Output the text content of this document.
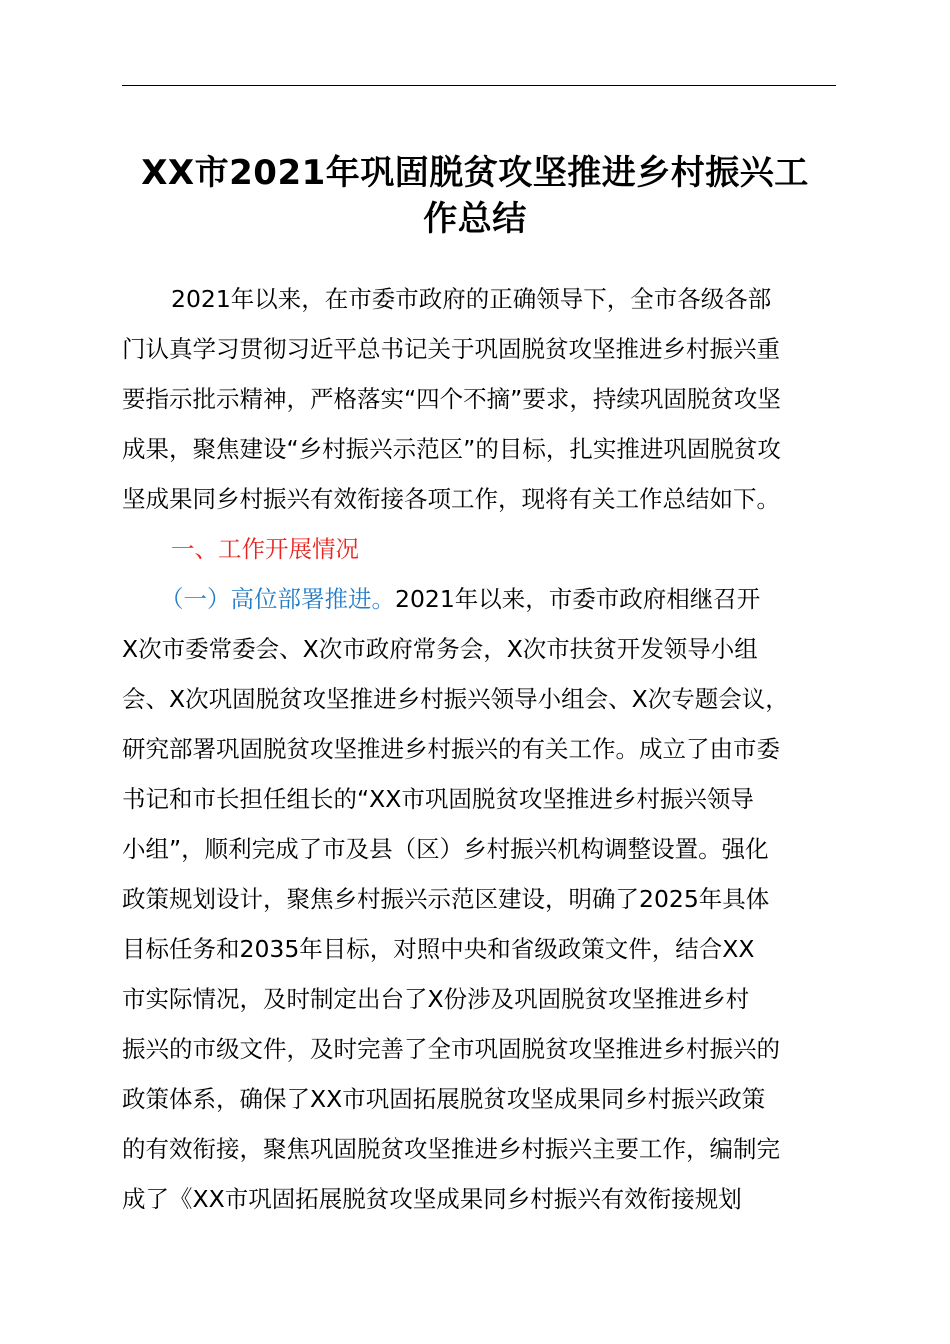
XX市2021年巩固脱贫攻坚推进乡村振兴工
作总结
2021年以来，在市委市政府的正确领导下，全市各级各部
门认真学习贯彻习近平总书记关于巩固脱贫攻坚推进乡村振兴重
要指示批示精神，严格落实“四个不摘”要求，持续巩固脱贫攻坚
成果，聚焦建设“乡村振兴示范区”的目标，扎实推进巩固脱贫攻
坚成果同乡村振兴有效衔接各项工作，现将有关工作总结如下。
一、工作开展情况
（一）高位部署推进。2021年以来，市委市政府相继召开
X次市委常委会、X次市政府常务会，X次市扶贫开发领导小组
会、X次巩固脱贫攻坚推进乡村振兴领导小组会、X次专题会议，
研究部署巩固脱贫攻坚推进乡村振兴的有关工作。成立了由市委
书记和市长担任组长的“XX市巩固脱贫攻坚推进乡村振兴领导
小组”，顺利完成了市及县（区）乡村振兴机构调整设置。强化
政策规划设计，聚焦乡村振兴示范区建设，明确了2025年具体
目标任务和2035年目标，对照中央和省级政策文件，结合XX
市实际情况，及时制定出台了X份涉及巩固脱贫攻坚推进乡村
振兴的市级文件，及时完善了全市巩固脱贫攻坚推进乡村振兴的
政策体系，确保了XX市巩固拓展脱贫攻坚成果同乡村振兴政策
的有效衔接，聚焦巩固脱贫攻坚推进乡村振兴主要工作，编制完
成了《XX市巩固拓展脱贫攻坚成果同乡村振兴有效衔接规划
